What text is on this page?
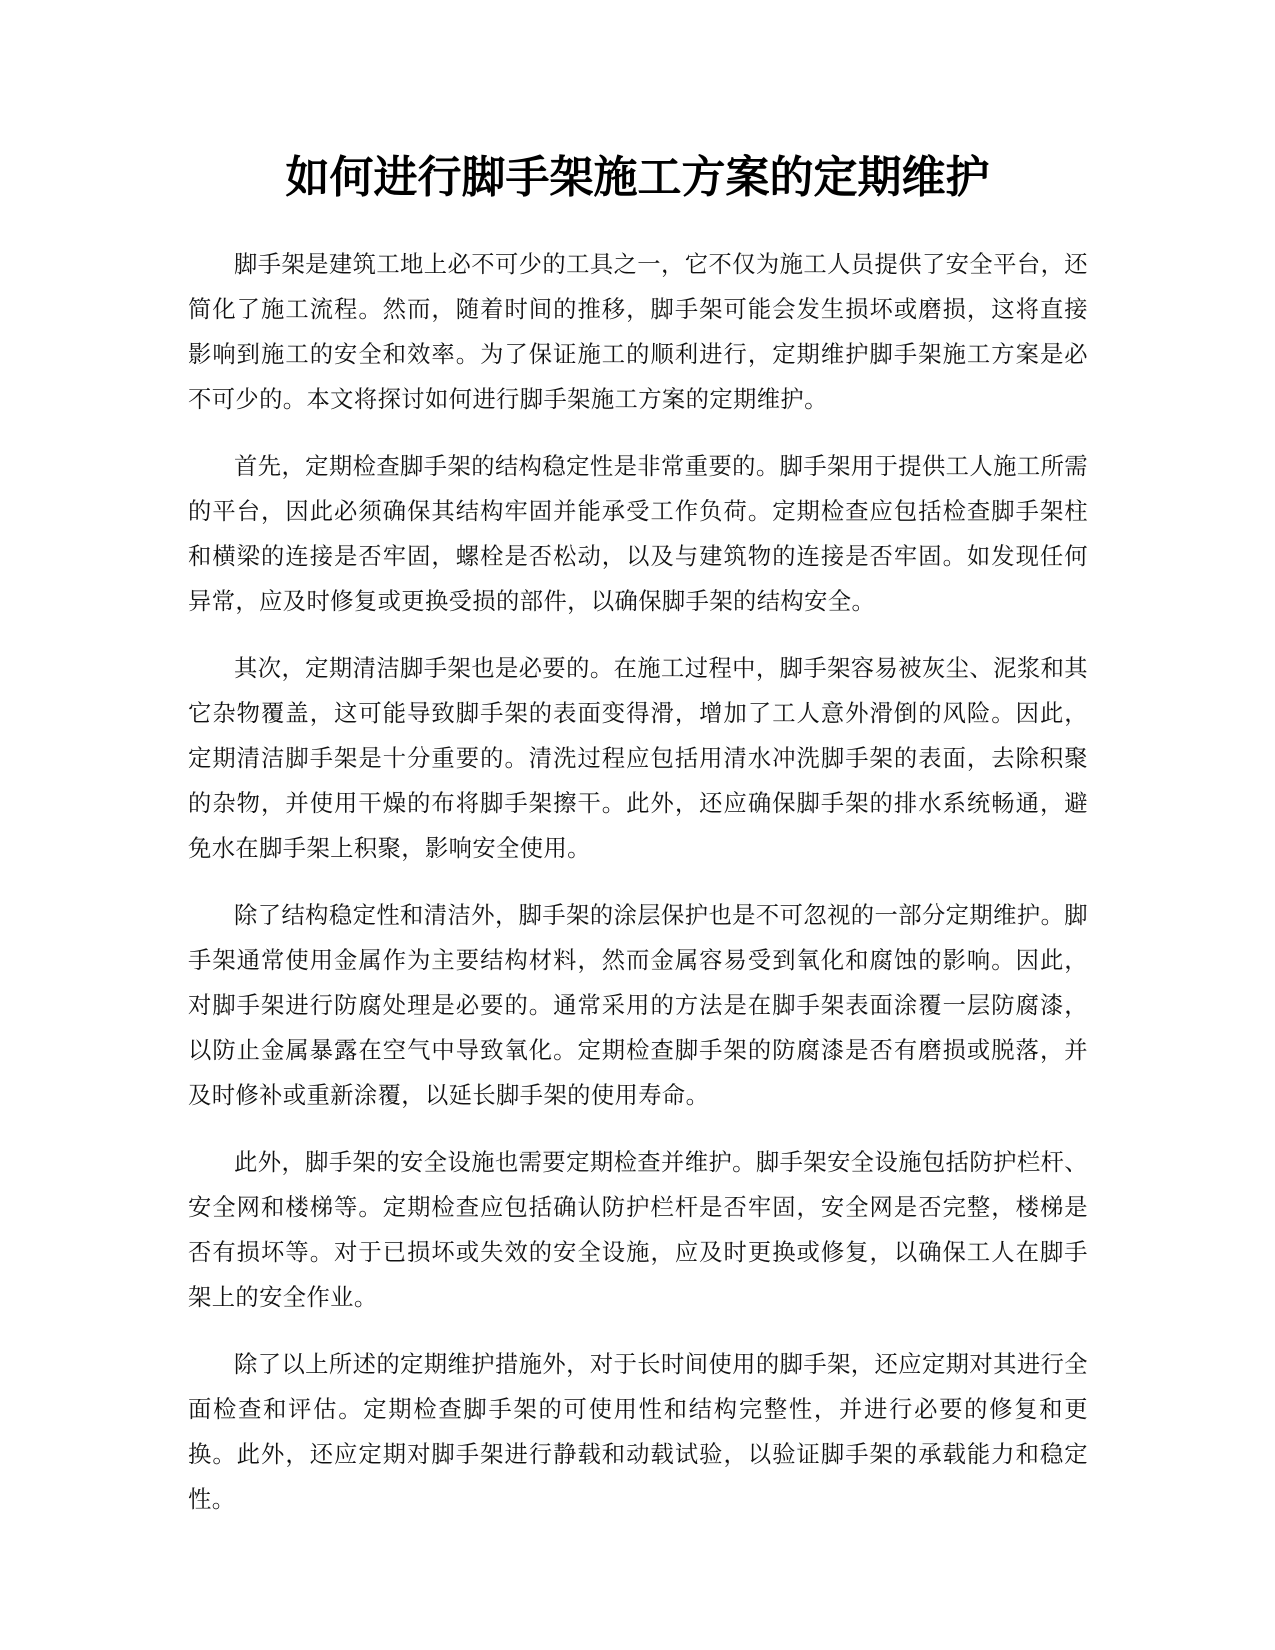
如何进行脚手架施工方案的定期维护

脚手架是建筑工地上必不可少的工具之一，它不仅为施工人员提供了安全平台，还简化了施工流程。然而，随着时间的推移，脚手架可能会发生损坏或磨损，这将直接影响到施工的安全和效率。为了保证施工的顺利进行，定期维护脚手架施工方案是必不可少的。本文将探讨如何进行脚手架施工方案的定期维护。

首先，定期检查脚手架的结构稳定性是非常重要的。脚手架用于提供工人施工所需的平台，因此必须确保其结构牢固并能承受工作负荷。定期检查应包括检查脚手架柱和横梁的连接是否牢固，螺栓是否松动，以及与建筑物的连接是否牢固。如发现任何异常，应及时修复或更换受损的部件，以确保脚手架的结构安全。

其次，定期清洁脚手架也是必要的。在施工过程中，脚手架容易被灰尘、泥浆和其它杂物覆盖，这可能导致脚手架的表面变得滑，增加了工人意外滑倒的风险。因此，定期清洁脚手架是十分重要的。清洗过程应包括用清水冲洗脚手架的表面，去除积聚的杂物，并使用干燥的布将脚手架擦干。此外，还应确保脚手架的排水系统畅通，避免水在脚手架上积聚，影响安全使用。

除了结构稳定性和清洁外，脚手架的涂层保护也是不可忽视的一部分定期维护。脚手架通常使用金属作为主要结构材料，然而金属容易受到氧化和腐蚀的影响。因此，对脚手架进行防腐处理是必要的。通常采用的方法是在脚手架表面涂覆一层防腐漆，以防止金属暴露在空气中导致氧化。定期检查脚手架的防腐漆是否有磨损或脱落，并及时修补或重新涂覆，以延长脚手架的使用寿命。

此外，脚手架的安全设施也需要定期检查并维护。脚手架安全设施包括防护栏杆、安全网和楼梯等。定期检查应包括确认防护栏杆是否牢固，安全网是否完整，楼梯是否有损坏等。对于已损坏或失效的安全设施，应及时更换或修复，以确保工人在脚手架上的安全作业。

除了以上所述的定期维护措施外，对于长时间使用的脚手架，还应定期对其进行全面检查和评估。定期检查脚手架的可使用性和结构完整性，并进行必要的修复和更换。此外，还应定期对脚手架进行静载和动载试验，以验证脚手架的承载能力和稳定性。
